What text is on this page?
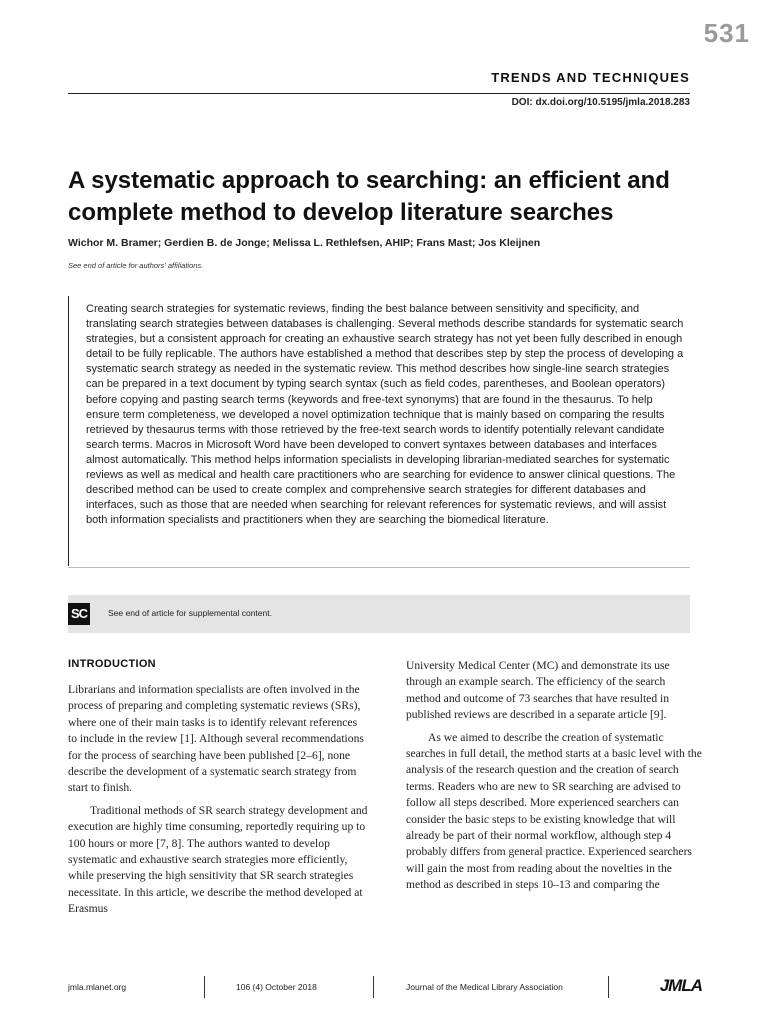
531
TRENDS AND TECHNIQUES
DOI: dx.doi.org/10.5195/jmla.2018.283
A systematic approach to searching: an efficient and complete method to develop literature searches
Wichor M. Bramer; Gerdien B. de Jonge; Melissa L. Rethlefsen, AHIP; Frans Mast; Jos Kleijnen
See end of article for authors' affiliations.
Creating search strategies for systematic reviews, finding the best balance between sensitivity and specificity, and translating search strategies between databases is challenging. Several methods describe standards for systematic search strategies, but a consistent approach for creating an exhaustive search strategy has not yet been fully described in enough detail to be fully replicable. The authors have established a method that describes step by step the process of developing a systematic search strategy as needed in the systematic review. This method describes how single-line search strategies can be prepared in a text document by typing search syntax (such as field codes, parentheses, and Boolean operators) before copying and pasting search terms (keywords and free-text synonyms) that are found in the thesaurus. To help ensure term completeness, we developed a novel optimization technique that is mainly based on comparing the results retrieved by thesaurus terms with those retrieved by the free-text search words to identify potentially relevant candidate search terms. Macros in Microsoft Word have been developed to convert syntaxes between databases and interfaces almost automatically. This method helps information specialists in developing librarian-mediated searches for systematic reviews as well as medical and health care practitioners who are searching for evidence to answer clinical questions. The described method can be used to create complex and comprehensive search strategies for different databases and interfaces, such as those that are needed when searching for relevant references for systematic reviews, and will assist both information specialists and practitioners when they are searching the biomedical literature.
SC	See end of article for supplemental content.
INTRODUCTION

Librarians and information specialists are often involved in the process of preparing and completing systematic reviews (SRs), where one of their main tasks is to identify relevant references to include in the review [1]. Although several recommendations for the process of searching have been published [2–6], none describe the development of a systematic search strategy from start to finish.

Traditional methods of SR search strategy development and execution are highly time consuming, reportedly requiring up to 100 hours or more [7, 8]. The authors wanted to develop systematic and exhaustive search strategies more efficiently, while preserving the high sensitivity that SR search strategies necessitate. In this article, we describe the method developed at Erasmus

University Medical Center (MC) and demonstrate its use through an example search. The efficiency of the search method and outcome of 73 searches that have resulted in published reviews are described in a separate article [9].

As we aimed to describe the creation of systematic searches in full detail, the method starts at a basic level with the analysis of the research question and the creation of search terms. Readers who are new to SR searching are advised to follow all steps described. More experienced searchers can consider the basic steps to be existing knowledge that will already be part of their normal workflow, although step 4 probably differs from general practice. Experienced searchers will gain the most from reading about the novelties in the method as described in steps 10–13 and comparing the

jmla.mlanet.org	106 (4) October 2018	Journal of the Medical Library Association	JMLA
